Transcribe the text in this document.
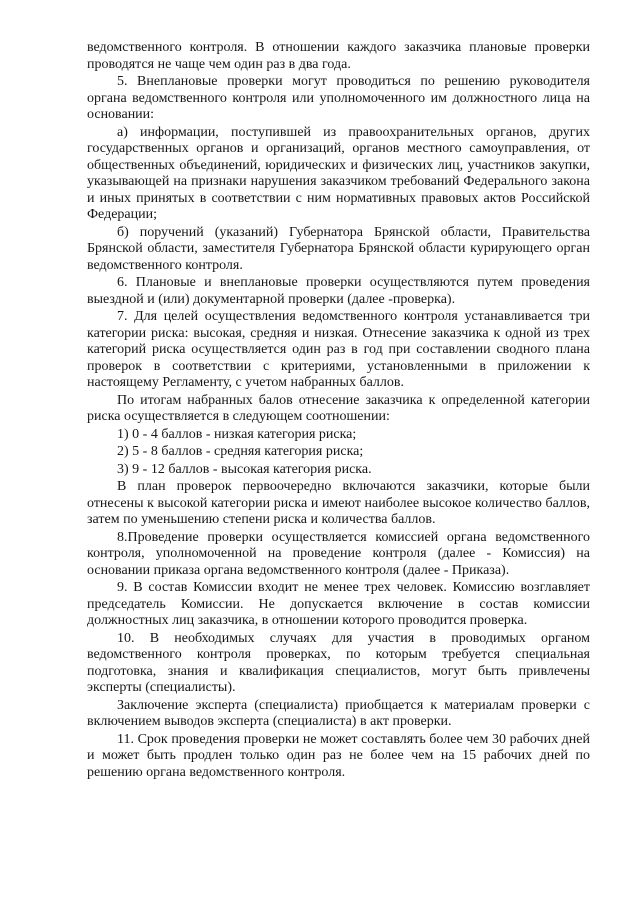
ведомственного контроля. В отношении каждого заказчика плановые проверки проводятся не чаще чем один раз в два года.

5. Внеплановые проверки могут проводиться по решению руководителя органа ведомственного контроля или уполномоченного им должностного лица на основании:

а) информации, поступившей из правоохранительных органов, других государственных органов и организаций, органов местного самоуправления, от общественных объединений, юридических и физических лиц, участников закупки, указывающей на признаки нарушения заказчиком требований Федерального закона и иных принятых в соответствии с ним нормативных правовых актов Российской Федерации;

б) поручений (указаний) Губернатора Брянской области, Правительства Брянской области, заместителя Губернатора Брянской области курирующего орган ведомственного контроля.

6. Плановые и внеплановые проверки осуществляются путем проведения выездной и (или) документарной проверки (далее -проверка).

7. Для целей осуществления ведомственного контроля устанавливается три категории риска: высокая, средняя и низкая. Отнесение заказчика к одной из трех категорий риска осуществляется один раз в год при составлении сводного плана проверок в соответствии с критериями, установленными в приложении к настоящему Регламенту, с учетом набранных баллов.

По итогам набранных балов отнесение заказчика к определенной категории риска осуществляется в следующем соотношении:

1) 0 - 4 баллов - низкая категория риска;

2) 5 - 8 баллов - средняя категория риска;

3) 9 - 12 баллов - высокая категория риска.

В план проверок первоочередно включаются заказчики, которые были отнесены к высокой категории риска и имеют наиболее высокое количество баллов, затем по уменьшению степени риска и количества баллов.

8.Проведение проверки осуществляется комиссией органа ведомственного контроля, уполномоченной на проведение контроля (далее - Комиссия) на основании приказа органа ведомственного контроля (далее - Приказа).

9. В состав Комиссии входит не менее трех человек. Комиссию возглавляет председатель Комиссии. Не допускается включение в состав комиссии должностных лиц заказчика, в отношении которого проводится проверка.

10. В необходимых случаях для участия в проводимых органом ведомственного контроля проверках, по которым требуется специальная подготовка, знания и квалификация специалистов, могут быть привлечены эксперты (специалисты).

Заключение эксперта (специалиста) приобщается к материалам проверки с включением выводов эксперта (специалиста) в акт проверки.

11. Срок проведения проверки не может составлять более чем 30 рабочих дней и может быть продлен только один раз не более чем на 15 рабочих дней по решению органа ведомственного контроля.
